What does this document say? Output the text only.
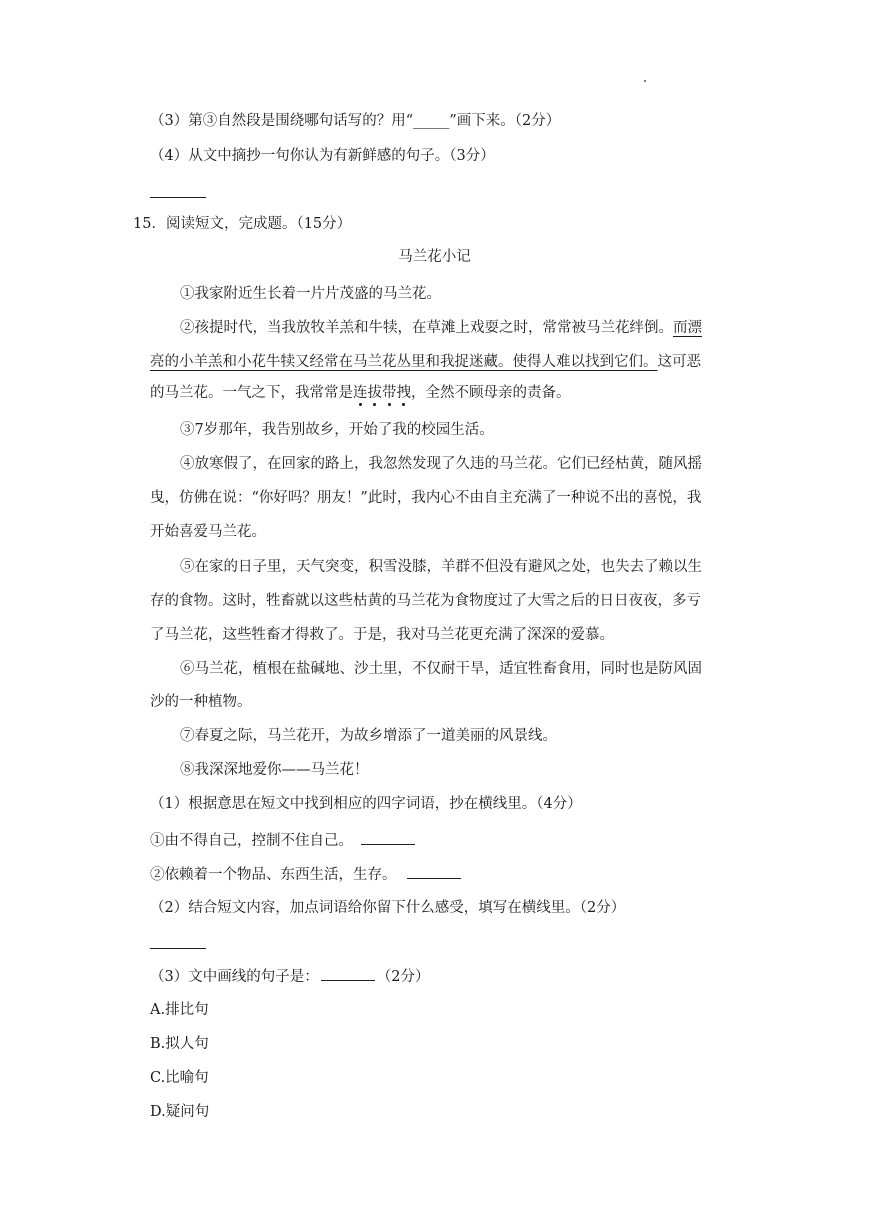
（3）第③自然段是围绕哪句话写的？用“_____”画下来。（2分）
（4）从文中摘抄一句你认为有新鲜感的句子。（3分）
15．阅读短文，完成题。（15分）
马兰花小记
①我家附近生长着一片片茂盛的马兰花。
②孩提时代，当我放牧羊羔和牛犊，在草滩上戏耍之时，常常被马兰花绊倒。而漂
亮的小羊羔和小花牛犊又经常在马兰花丛里和我捉迷藏。使得人难以找到它们。这可恶
的马兰花。一气之下，我常常是连拔带拽，全然不顾母亲的责备。
③7岁那年，我告别故乡，开始了我的校园生活。
④放寒假了，在回家的路上，我忽然发现了久违的马兰花。它们已经枯黄，随风摇
曳，仿佛在说：“你好吗？朋友！”此时，我内心不由自主充满了一种说不出的喜悦，我
开始喜爱马兰花。
⑤在家的日子里，天气突变，积雪没膝，羊群不但没有避风之处，也失去了赖以生
存的食物。这时，牲畜就以这些枯黄的马兰花为食物度过了大雪之后的日日夜夜，多亏
了马兰花，这些牲畜才得救了。于是，我对马兰花更充满了深深的爱慕。
⑥马兰花，植根在盐碱地、沙土里，不仅耐干旱，适宜牲畜食用，同时也是防风固
沙的一种植物。
⑦春夏之际，马兰花开，为故乡增添了一道美丽的风景线。
⑧我深深地爱你——马兰花！
（1）根据意思在短文中找到相应的四字词语，抄在横线里。（4分）
①由不得自己，控制不住自己。
②依赖着一个物品、东西生活，生存。
（2）结合短文内容，加点词语给你留下什么感受，填写在横线里。（2分）
（3）文中画线的句子是：	（2分）
A.排比句
B.拟人句
C.比喻句
D.疑问句
